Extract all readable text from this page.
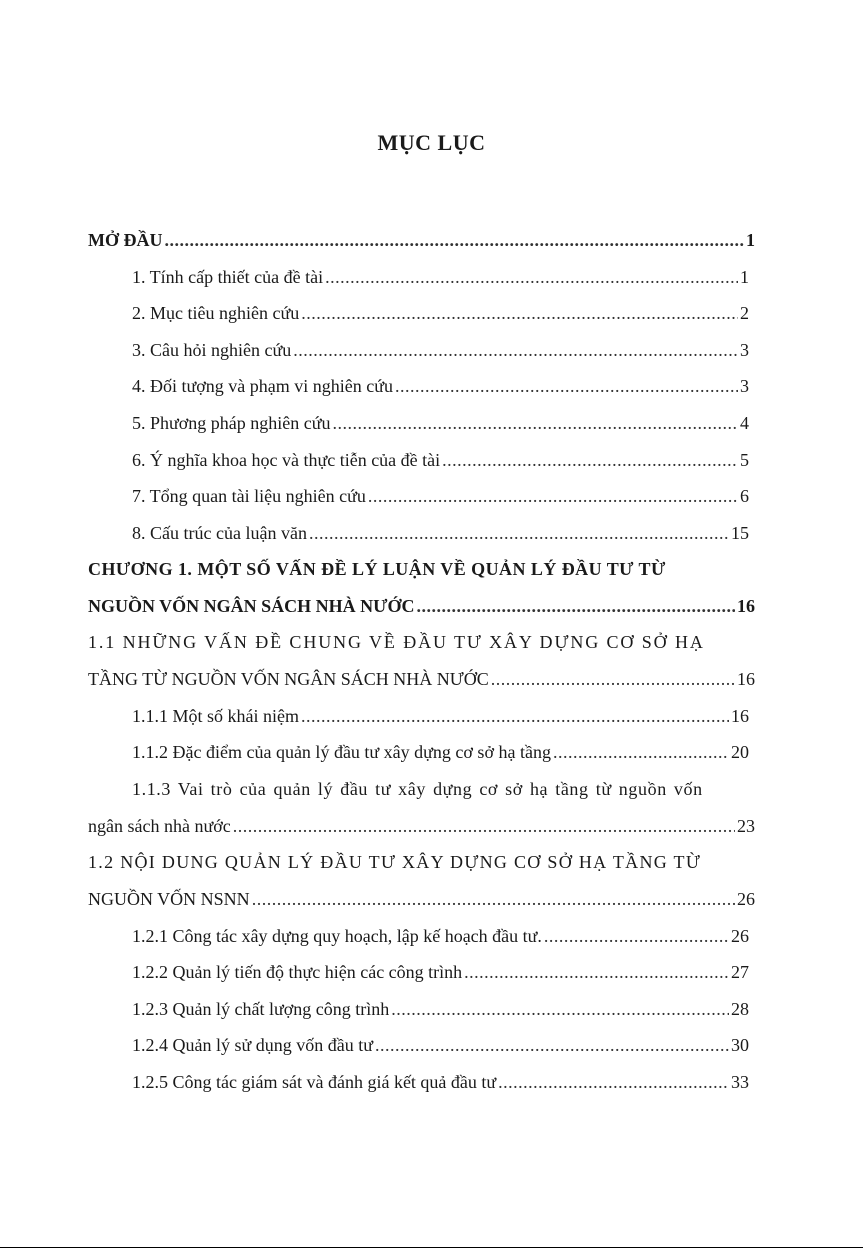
MỤC LỤC
MỞ ĐẦU .....	1
1. Tính cấp thiết của đề tài .....	1
2. Mục tiêu nghiên cứu .....	2
3. Câu hỏi nghiên cứu .....	3
4. Đối tượng và phạm vi nghiên cứu .....	3
5. Phương pháp nghiên cứu .....	4
6. Ý nghĩa khoa học và thực tiễn của đề tài .....	5
7. Tổng quan tài liệu nghiên cứu .....	6
8. Cấu trúc của luận văn .....	15
CHƯƠNG 1. MỘT SỐ VẤN ĐỀ LÝ LUẬN VỀ QUẢN LÝ ĐẦU TƯ TỪ
NGUỒN VỐN NGÂN SÁCH NHÀ NƯỚC .....	16
1.1 NHỮNG VẤN ĐỀ CHUNG VỀ ĐẦU TƯ XÂY DỰNG CƠ SỞ HẠ
TẦNG TỪ NGUỒN VỐN NGÂN SÁCH NHÀ NƯỚC .....	16
1.1.1 Một số khái niệm .....	16
1.1.2 Đặc điểm của quản lý đầu tư xây dựng cơ sở hạ tầng .....	20
1.1.3 Vai trò của quản lý đầu tư xây dựng cơ sở hạ tầng từ nguồn vốn
ngân sách nhà nước .....	23
1.2 NỘI DUNG QUẢN LÝ ĐẦU TƯ XÂY DỰNG CƠ SỞ HẠ TẦNG TỪ
NGUỒN VỐN NSNN .....	26
1.2.1 Công tác xây dựng quy hoạch, lập kế hoạch đầu tư. .....	26
1.2.2 Quản lý tiến độ thực hiện các công trình .....	27
1.2.3 Quản lý chất lượng công trình .....	28
1.2.4 Quản lý sử dụng vốn đầu tư .....	30
1.2.5 Công tác giám sát và đánh giá kết quả đầu tư .....	33
